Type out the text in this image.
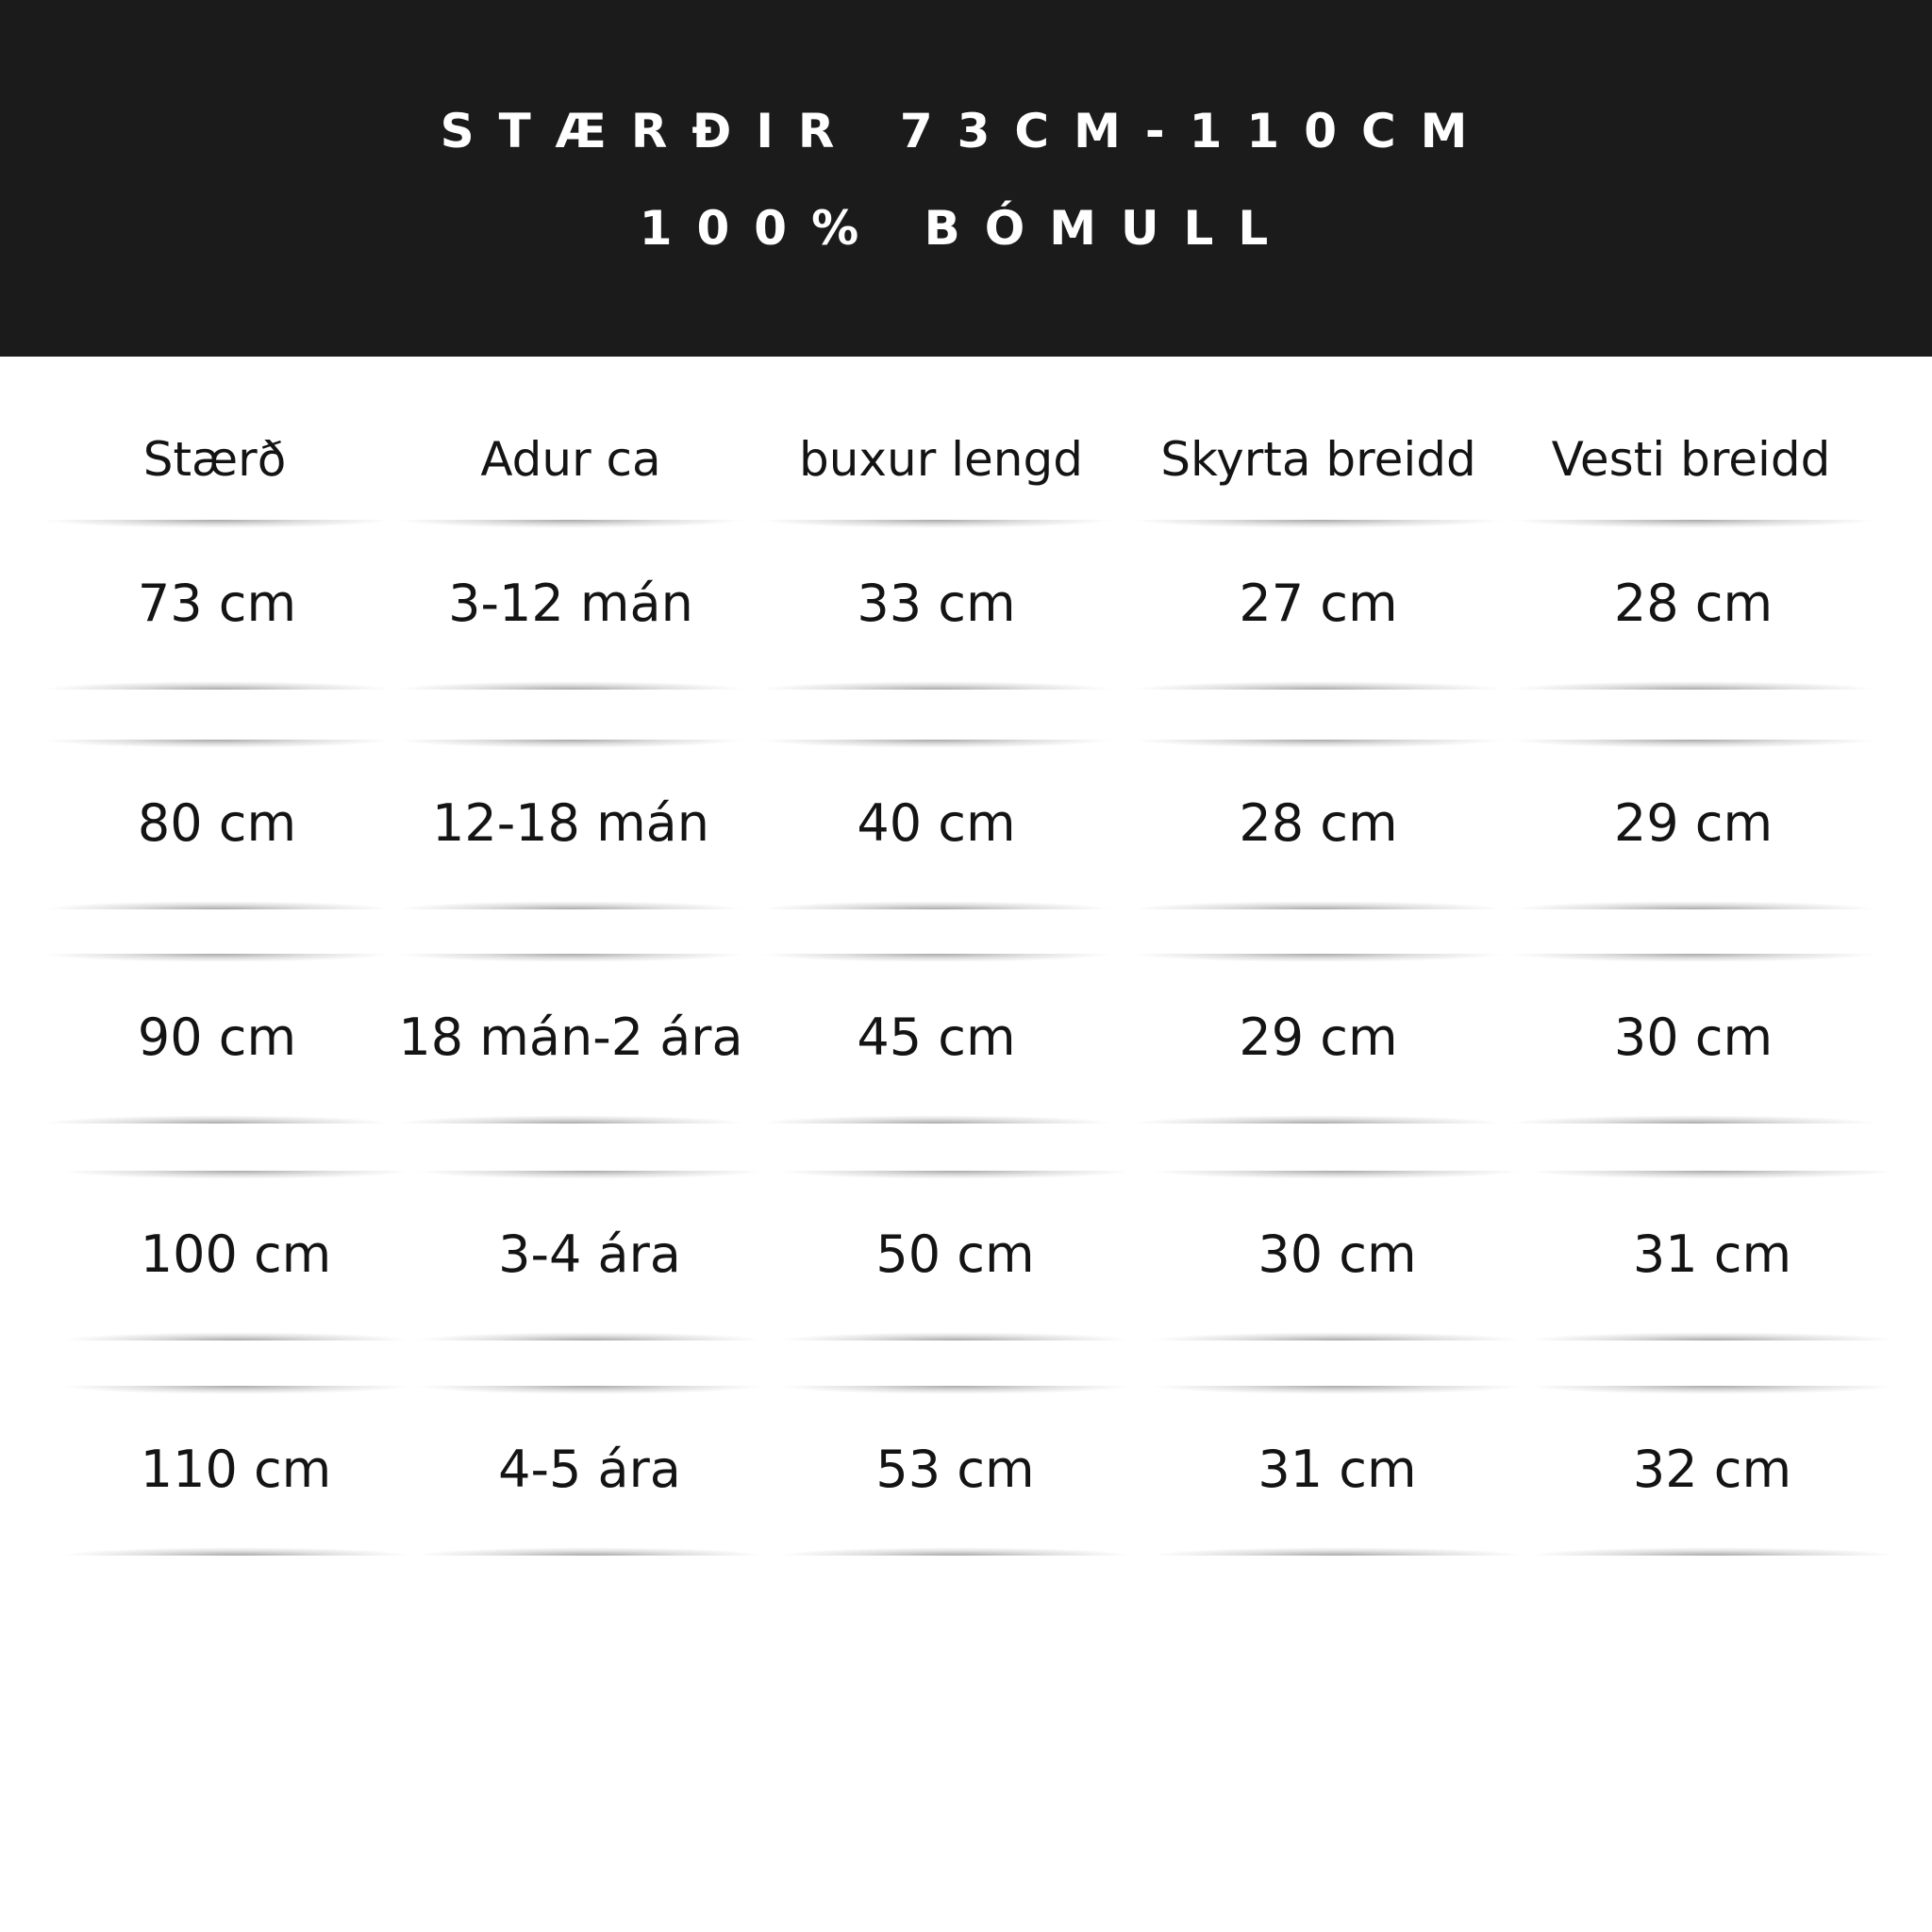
STÆRÐIR 73CM-110CM
100% BÓMULL
Stærð	Adur ca	buxur lengd	Skyrta breidd	Vesti breidd
73 cm	3-12 mán	33 cm	27 cm	28 cm
80 cm	12-18 mán	40 cm	28 cm	29 cm
90 cm	18 mán-2 ára	45 cm	29 cm	30 cm
100 cm	3-4 ára	50 cm	30 cm	31 cm
110 cm	4-5 ára	53 cm	31 cm	32 cm
